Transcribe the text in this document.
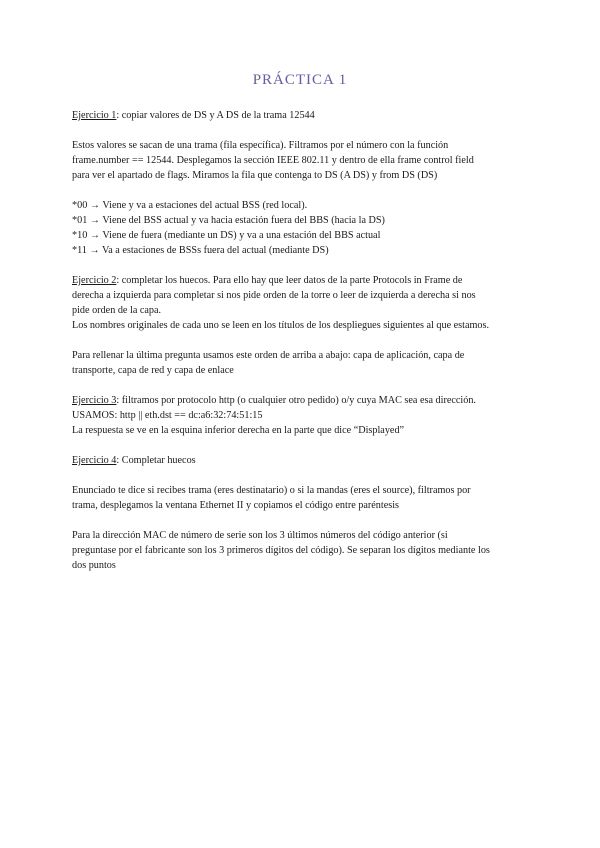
PRÁCTICA 1

Ejercicio 1: copiar valores de DS y A DS de la trama 12544

Estos valores se sacan de una trama (fila específica). Filtramos por el número con la función
frame.number == 12544. Desplegamos la sección IEEE 802.11 y dentro de ella frame control field
para ver el apartado de flags. Miramos la fila que contenga to DS (A DS) y from DS (DS)

*00 → Viene y va a estaciones del actual BSS (red local).
*01 → Viene del BSS actual y va hacia estación fuera del BBS (hacia la DS)
*10 → Viene de fuera (mediante un DS) y va a una estación del BBS actual
*11 → Va a estaciones de BSSs fuera del actual (mediante DS)

Ejercicio 2: completar los huecos. Para ello hay que leer datos de la parte Protocols in Frame de
derecha a izquierda para completar si nos pide orden de la torre o leer de izquierda a derecha si nos
pide orden de la capa.
Los nombres originales de cada uno se leen en los títulos de los despliegues siguientes al que estamos.

Para rellenar la última pregunta usamos este orden de arriba a abajo: capa de aplicación, capa de
transporte, capa de red y capa de enlace

Ejercicio 3: filtramos por protocolo http (o cualquier otro pedido) o/y cuya MAC sea esa dirección.
USAMOS: http || eth.dst == dc:a6:32:74:51:15
La respuesta se ve en la esquina inferior derecha en la parte que dice “Displayed”

Ejercicio 4: Completar huecos

Enunciado te dice si recibes trama (eres destinatario) o si la mandas (eres el source), filtramos por
trama, desplegamos la ventana Ethernet II y copiamos el código entre paréntesis

Para la dirección MAC de número de serie son los 3 últimos números del código anterior (si
preguntase por el fabricante son los 3 primeros dígitos del código). Se separan los dígitos mediante los
dos puntos
